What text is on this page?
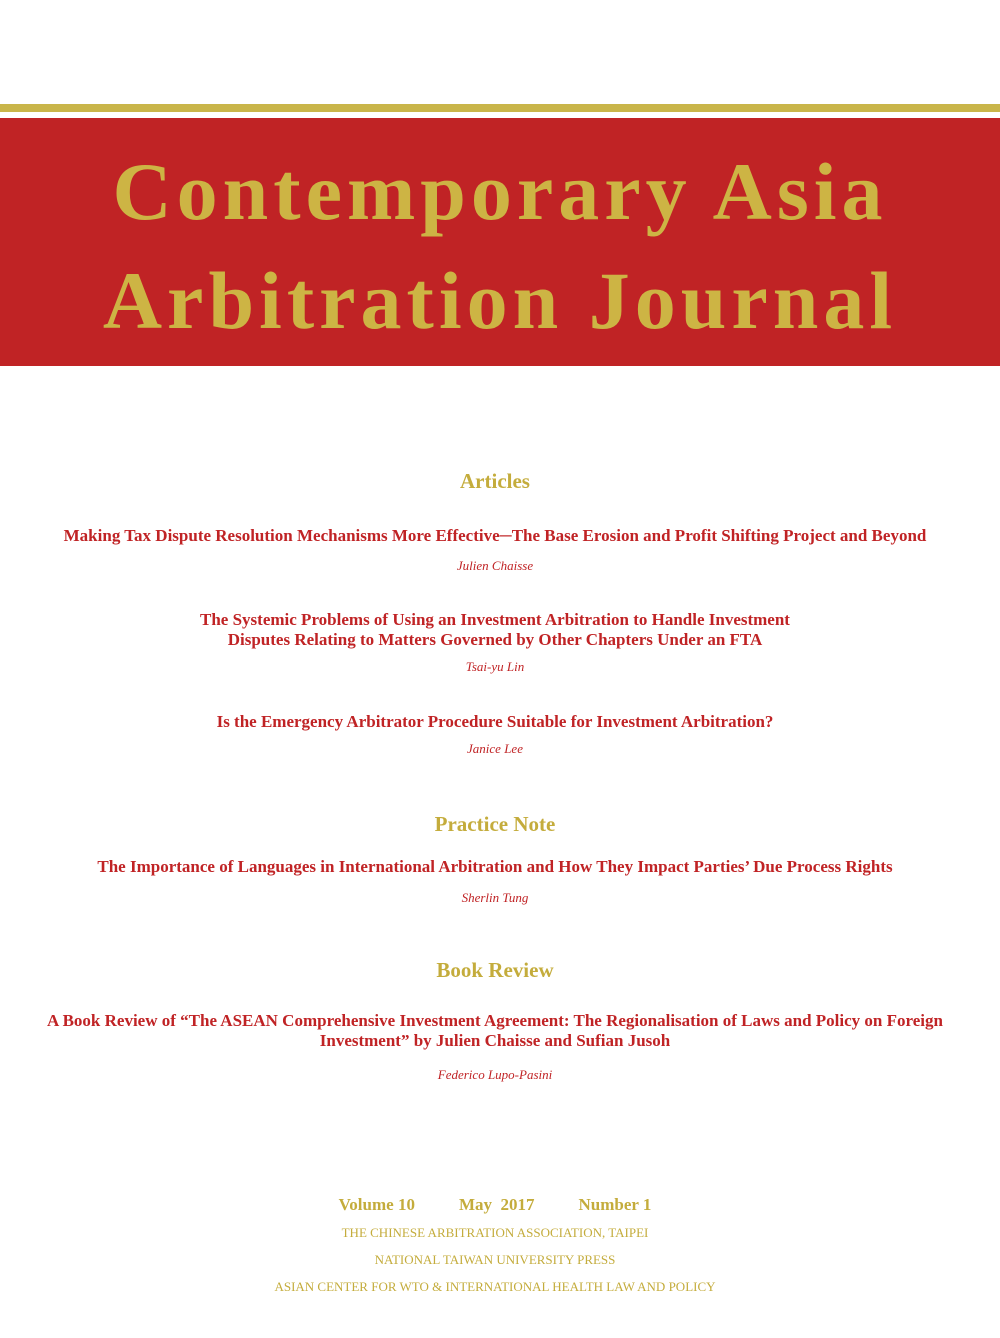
Contemporary Asia
Arbitration Journal
Articles
Making Tax Dispute Resolution Mechanisms More Effective─The Base Erosion and Profit Shifting Project and Beyond
Julien Chaisse
The Systemic Problems of Using an Investment Arbitration to Handle Investment Disputes Relating to Matters Governed by Other Chapters Under an FTA
Tsai-yu Lin
Is the Emergency Arbitrator Procedure Suitable for Investment Arbitration?
Janice Lee
Practice Note
The Importance of Languages in International Arbitration and How They Impact Parties’ Due Process Rights
Sherlin Tung
Book Review
A Book Review of “The ASEAN Comprehensive Investment Agreement: The Regionalisation of Laws and Policy on Foreign Investment” by Julien Chaisse and Sufian Jusoh
Federico Lupo-Pasini
Volume 10	May  2017	Number 1
THE CHINESE ARBITRATION ASSOCIATION, TAIPEI
NATIONAL TAIWAN UNIVERSITY PRESS
ASIAN CENTER FOR WTO & INTERNATIONAL HEALTH LAW AND POLICY
